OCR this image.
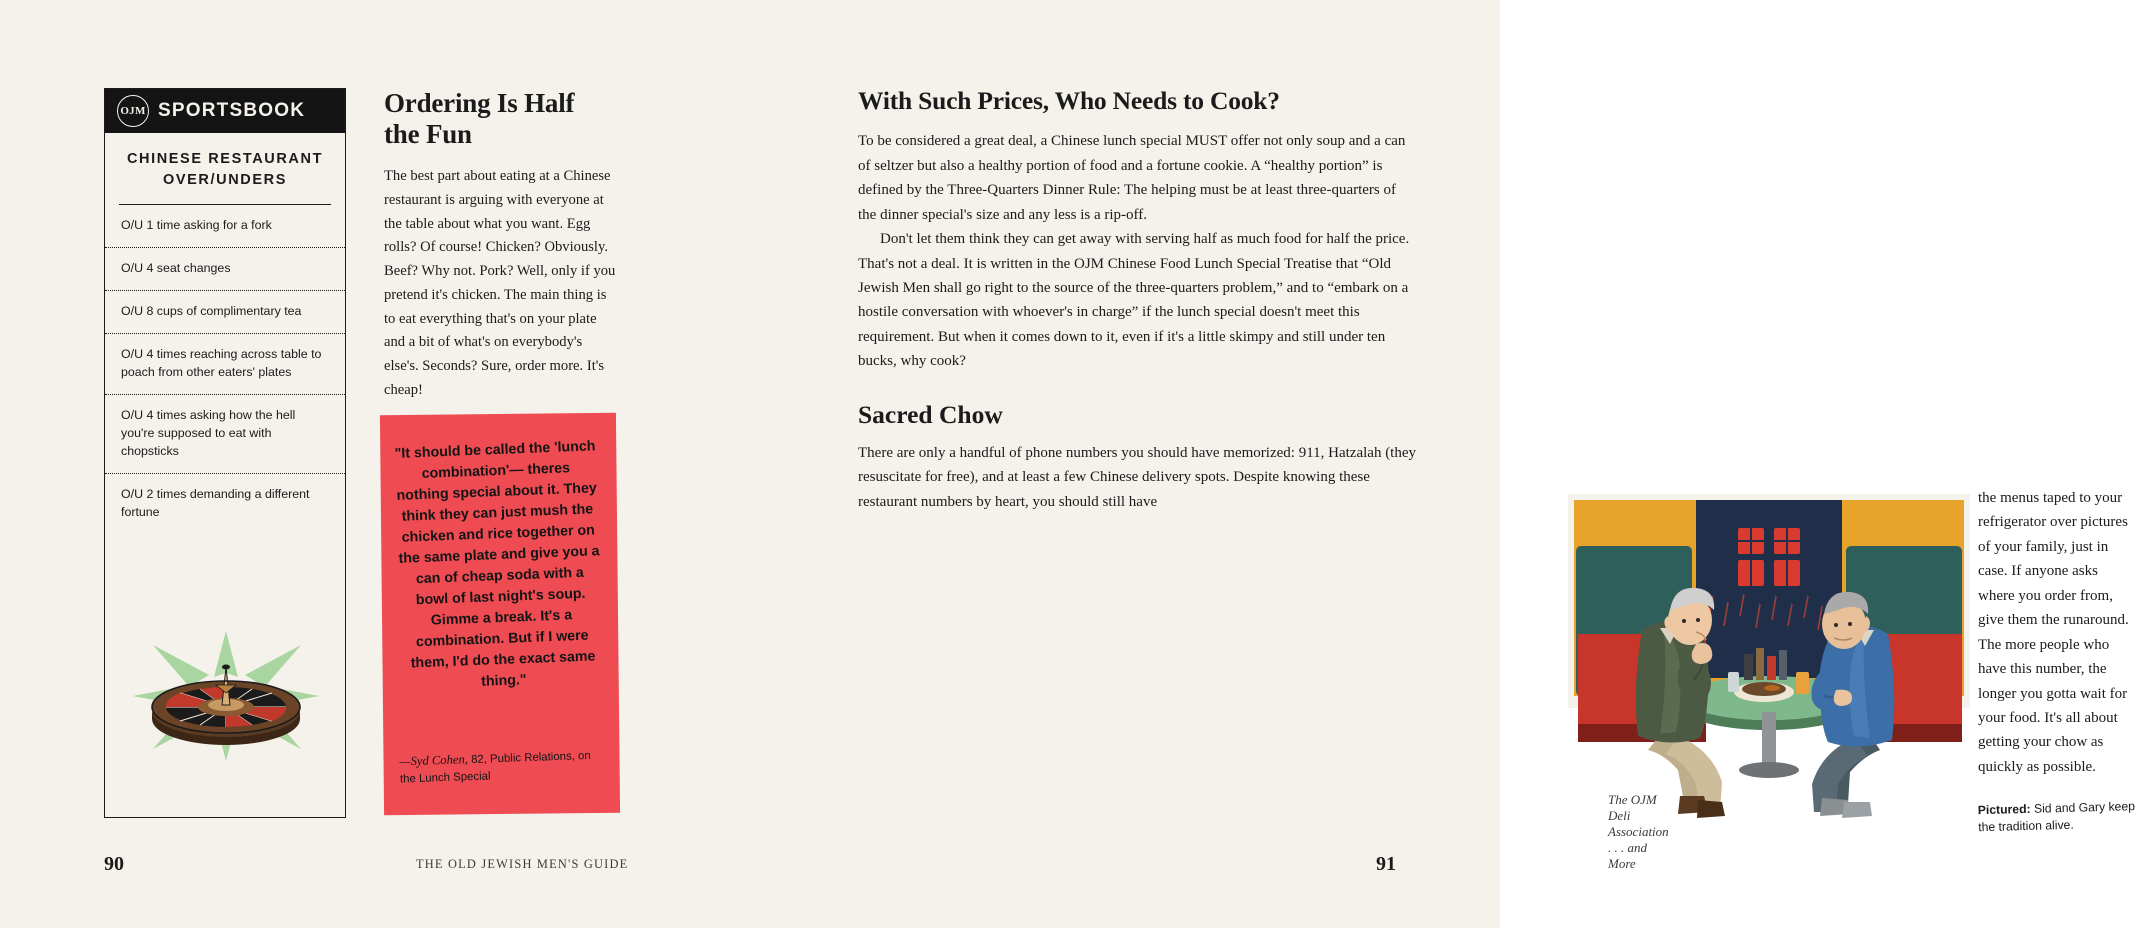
OJM SPORTSBOOK
CHINESE RESTAURANT OVER/UNDERS
O/U 1 time asking for a fork
O/U 4 seat changes
O/U 8 cups of complimentary tea
O/U 4 times reaching across table to poach from other eaters' plates
O/U 4 times asking how the hell you're supposed to eat with chopsticks
O/U 2 times demanding a different fortune
Ordering Is Half the Fun

The best part about eating at a Chinese restaurant is arguing with everyone at the table about what you want. Egg rolls? Of course! Chicken? Obviously. Beef? Why not. Pork? Well, only if you pretend it's chicken. The main thing is to eat everything that's on your plate and a bit of what's on everybody's else's. Seconds? Sure, order more. It's cheap!

"It should be called the 'lunch combination'— theres nothing special about it. They think they can just mush the chicken and rice together on the same plate and give you a can of cheap soda with a bowl of last night's soup. Gimme a break. It's a combination. But if I were them, I'd do the exact same thing."
—Syd Cohen, 82, Public Relations, on the Lunch Special
90	THE OLD JEWISH MEN'S GUIDE
With Such Prices, Who Needs to Cook?

To be considered a great deal, a Chinese lunch special MUST offer not only soup and a can of seltzer but also a healthy portion of food and a fortune cookie. A “healthy portion” is defined by the Three-Quarters Dinner Rule: The helping must be at least three-quarters of the dinner special's size and any less is a rip-off.

Don't let them think they can get away with serving half as much food for half the price. That's not a deal. It is written in the OJM Chinese Food Lunch Special Treatise that “Old Jewish Men shall go right to the source of the three-quarters problem,” and to “embark on a hostile conversation with whoever's in charge” if the lunch special doesn't meet this requirement. But when it comes down to it, even if it's a little skimpy and still under ten bucks, why cook?

Sacred Chow

There are only a handful of phone numbers you should have memorized: 911, Hatzalah (they resuscitate for free), and at least a few Chinese delivery spots. Despite knowing these restaurant numbers by heart, you should still have	the menus taped to your refrigerator over pictures of your family, just in case. If anyone asks where you order from, give them the runaround. The more people who have this number, the longer you gotta wait for your food. It's all about getting your chow as quickly as possible.
Pictured: Sid and Gary keep the tradition alive.
91
The OJM Deli Association . . . and More
